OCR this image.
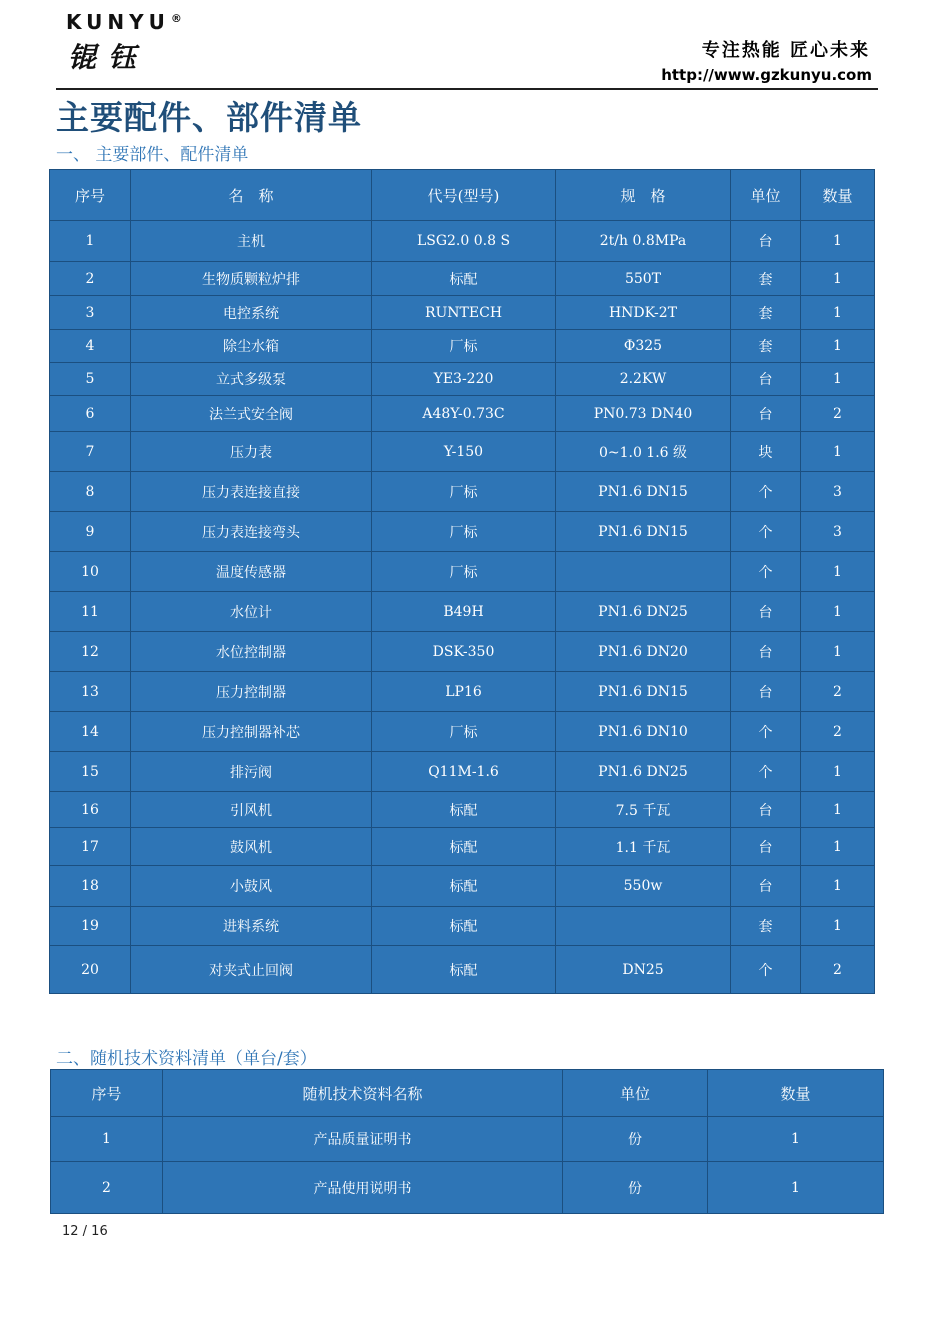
KUNYU®
锟钰	专注热能 匠心未来
http://www.gzkunyu.com
主要配件、部件清单
一、 主要部件、配件清单
序号	名　称	代号(型号)	规　格	单位	数量
1	主机	LSG2.0 0.8 S	2t/h 0.8MPa	台	1
2	生物质颗粒炉排	标配	550T	套	1
3	电控系统	RUNTECH	HNDK-2T	套	1
4	除尘水箱	厂标	Φ325	套	1
5	立式多级泵	YE3-220	2.2KW	台	1
6	法兰式安全阀	A48Y-0.73C	PN0.73 DN40	台	2
7	压力表	Y-150	0~1.0 1.6 级	块	1
8	压力表连接直接	厂标	PN1.6 DN15	个	3
9	压力表连接弯头	厂标	PN1.6 DN15	个	3
10	温度传感器	厂标		个	1
11	水位计	B49H	PN1.6 DN25	台	1
12	水位控制器	DSK-350	PN1.6 DN20	台	1
13	压力控制器	LP16	PN1.6 DN15	台	2
14	压力控制器补芯	厂标	PN1.6 DN10	个	2
15	排污阀	Q11M-1.6	PN1.6 DN25	个	1
16	引风机	标配	7.5 千瓦	台	1
17	鼓风机	标配	1.1 千瓦	台	1
18	小鼓风	标配	550w	台	1
19	进料系统	标配		套	1
20	对夹式止回阀	标配	DN25	个	2
二、随机技术资料清单（单台/套）
序号	随机技术资料名称	单位	数量
1	产品质量证明书	份	1
2	产品使用说明书	份	1
12 / 16
